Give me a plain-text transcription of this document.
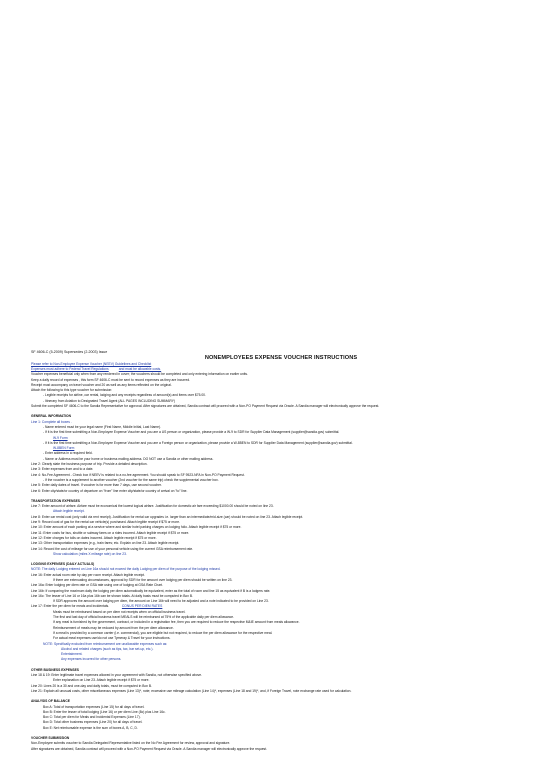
SF 4606-C (5-2009) Supersedes (2-2003) Issue
NONEMPLOYEES EXPENSE VOUCHER INSTRUCTIONS
Please refer to Non-Employee Expense Voucher (NEEV) Guidelines and Checklist
Expenses must adhere to Federal Travel Regulations	and must be allowable costs.
Voucher expenses beneficial only when from any rendered in cover; the vouchers should be completed and only entering information on earlier units.
Keep a daily record of expenses , this form SF 4606-C must be sent to record expenses as they are incurred.
Receipt must accompany on travel voucher and 20 as well as any items reflected on the original.
Attach the following to this type voucher for submission:
- Legible receipts for airline, car rental, lodging and any receipts regardless of amount(s) and items over $75.00.
- Itinerary from Aviation to Designated Travel Agent (ALL PAGES INCLUDING SUMMARY)
Submit the completed SF 4606-C to the Sandia Representative for approval. After signatures are obtained, Sandia contract will proceed with a Non-PO Payment Request via Oracle. A Sandia manager will electronically approve the request.
GENERAL INFORMATION
Line 1: Complete all boxes .
- Name entered must be your legal name (First Name, Middle Initial, Last Name).
- If it is the first time submitting a Non-Employee Expense Voucher and you are a US person or organization, please provide a W-9 to SDR for Supplier Data Management (supplier@sandia.gov) submittal.
W-9 Form
- If it is the first time submitting a Non-Employee Expense Voucher and you are a Foreign person or organization, please provide a W-8BEN to SDR for Supplier Data Management (supplier@sandia.gov) submittal.
W-8BEN Form
- Enter address in a required field.
- Name or Address must be your home or business mailing address. DO NOT use a Sandia or other mailing address.
Line 2: Clearly state the business purpose of trip. Provide a detailed description.
Line 3: Enter expenses from and to a date.
Line 4: No-Fee Agreement - Check box if NEEV is related to a no-fee agreement. You should speak to SF 9523-NFA in Non-PO Payment Request.
- If the voucher is a supplement to another voucher (2nd voucher for the same trip) check the supplemental voucher box.
Line 5: Enter daily dates of travel. If voucher is for more than 7 days, use second voucher.
Line 6: Enter city/state/or country of departure on "from" line enter city/state/or country of arrival on "to" line.
TRANSPORTATION EXPENSES
Line 7: Enter amount of airfare. Airfare must be economical the lowest logical airfare. Justification for domestic air fare exceeding $1000.00 should be noted on line 23.
Attach legible receipt.
Line 8: Enter car rental cost (only valid via rent receipt). Justification for rental car upgrades i.e. larger than an intermediate/mid-size (car) should be noted on line 23. Attach legible receipt.
Line 9: Record cost of gas for the rental car vehicle(s) purchased. Attach legible receipt if $75 or more.
Line 10: Enter amount of each parking at a service where and similar hotel parking charges on lodging folio. Attach legible receipt if $75 or more.
Line 11: Enter costs for bus, shuttle or subway fares on a rides incurred. Attach legible receipt if $75 or more.
Line 12: Enter charges for tolls on dates incurred. Attach legible receipt if $75 or more.
Line 13: Other transportation expenses (e.g., train fares; etc. Explain on line 23. Attach legible receipt.
Line 14: Record the cost of mileage for use of your personal vehicle using the current GSA reimbursement rate.
Show calculation (miles X mileage rate) on line 23.
LODGING EXPENSES (DAILY ACTUALS)
NOTE: The daily Lodging entered on Line 16a should not exceed the daily Lodging per diem of the purpose of the lodging missed.
Line 16: Enter actual room rate by day per room receipt. Attach legible receipt.
If there are extenuating circumstances, approval by SDR for the amount over lodging per diem should be written on line 23.
Line 16a: Enter lodging per diem rate or GSA rate using one of lodging at GSA Rate Chart.
Line 16b: If comparing the maximum daily the lodging per diem automatically be equivalent, enter as the total of room and line 15 as equivalent if B is a lodgers rate.
Line 16c: The lesser of Line 16 or 16a plus 16b can be shown totals. At daily basis must be computed in Box B.
If SDR approves the amount over lodging per diem, the amount on Line 16b will need to be adjusted and a note indicated to be provided on Line 23.
Line 17: Enter the per diem for meals and incidentals.	CONUS PER DIEM RATES
Meals must be reimbursed based on per diem not receipts when on official business travel.
The first and last day of official business travel MEALS will be reimbursed at 75% of the applicable daily per diem allowance.
If any meal is furnished by the government, contract, or included in a registration fee, then you are required to reduce the respective M&IE amount from meals allowance.
Reimbursement of meals may be reduced by amount from the per diem allowance.
If a meal is provided by a common carrier (i.e. commercial), you are eligible but not required, to reduce the per diem allowance for the respective meal.
For actual meal expenses use/do not use Tymeray & Travel for your instructions.
NOTE: Specifically excluded from reimbursement are unallowable expenses such as:
Alcohol and related charges (such as tips, tax, bar set-up, etc.).
Entertainment.
Any expenses incurred for other persons.
OTHER BUSINESS EXPENSES
Line 18 & 19: Enter legitimate travel expenses allowed in your agreement with Sandia, not otherwise specified above.
Enter explanation on Line 23. Attach legible receipt if $75 or more.
Line 20: Lines 20 is a 30 and one-day and daily totals, must be computed in Box B.
Line 21: Explain all unusual costs, other miscellaneous expenses (Line 13)*, note; excessive use mileage calculation (Line 14)*, expenses (Line 18 and 19)*, and, if Foreign Travel, note exchange rate used for calculation.
ANALYSIS OF BALANCE
Box A: Total of transportation expenses (Line 15) for all days of travel.
Box B: Enter the lesser of total lodging (Line 16) or per diem Line (8c) plus Line 16c.
Box C: Total per diem for Meals and Incidental Expenses (Line 17).
Box D: Total other business expenses (Line 20) for all days of travel.
Box E: Net reimbursable expense is the sum of boxes A, B, C, D.
VOUCHER SUBMISSION
Non-Employee submits voucher to Sandia Delegated Representative listed on the No Fee Agreement for review, approval and signature.
After signatures are obtained, Sandia contract will proceed with a Non-PO Payment Request via Oracle. A Sandia manager will electronically approve the request.
